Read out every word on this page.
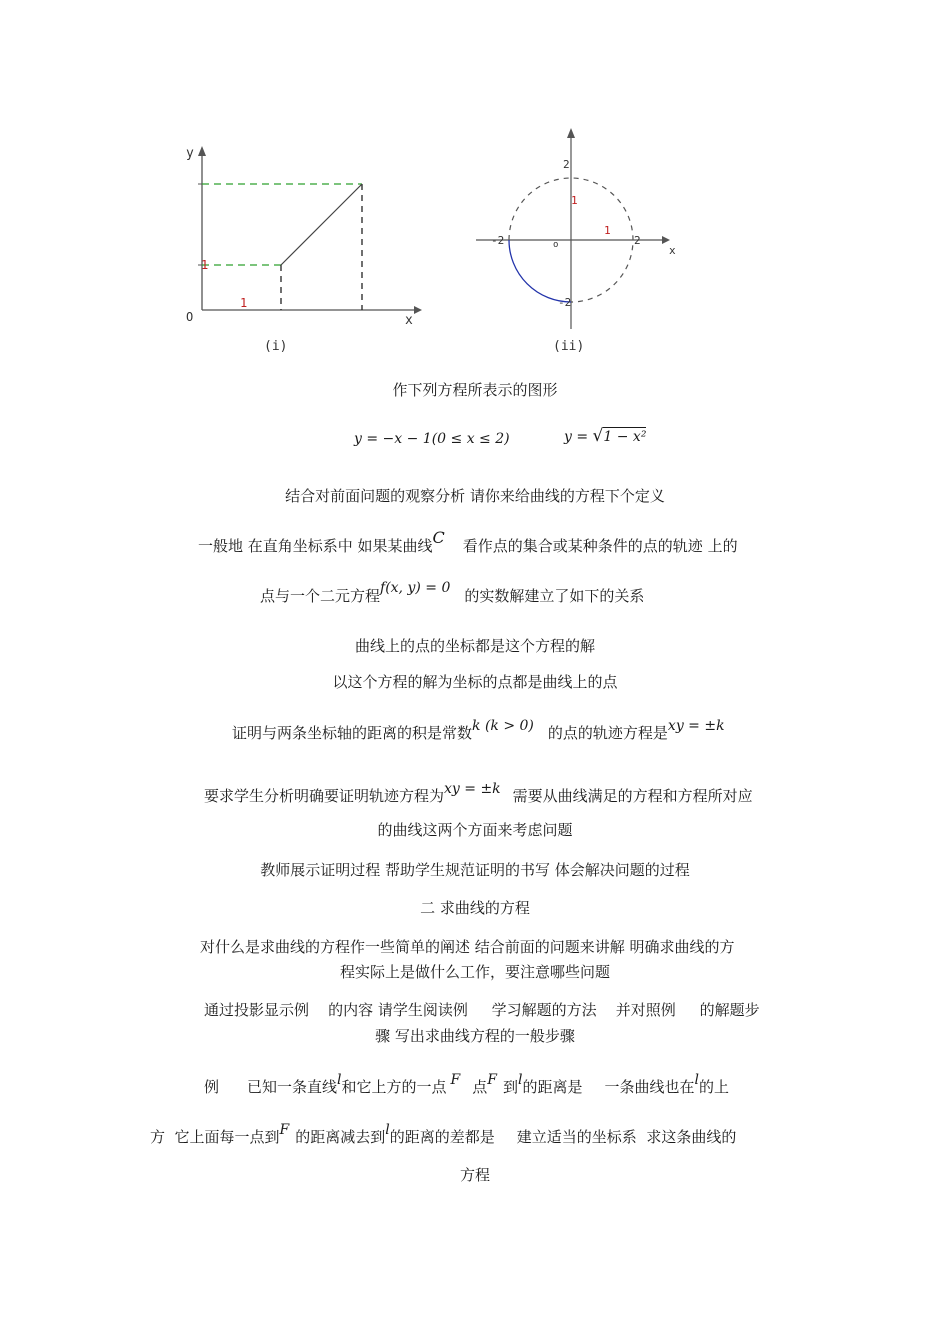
y
x
O
1
1
(i)
2
1
-2	o
1
2
x
-2
(ii)
作下列方程所表示的图形
y = −x − 1(0 ≤ x ≤ 2)	y = √1 − x²
结合对前面问题的观察分析 请你来给曲线的方程下个定义
一般地 在直角坐标系中 如果某曲线C 看作点的集合或某种条件的点的轨迹 上的
点与一个二元方程f(x, y) = 0 的实数解建立了如下的关系
曲线上的点的坐标都是这个方程的解
以这个方程的解为坐标的点都是曲线上的点
证明与两条坐标轴的距离的积是常数k (k > 0) 的点的轨迹方程是xy = ±k
要求学生分析明确要证明轨迹方程为xy = ±k 需要从曲线满足的方程和方程所对应
的曲线这两个方面来考虑问题
教师展示证明过程 帮助学生规范证明的书写 体会解决问题的过程
二 求曲线的方程
对什么是求曲线的方程作一些简单的阐述 结合前面的问题来讲解 明确求曲线的方
程实际上是做什么工作，要注意哪些问题
通过投影显示例    的内容 请学生阅读例     学习解题的方法    并对照例     的解题步
骤 写出求曲线方程的一般步骤
例 已知一条直线l和它上方的一点 F 点F 到l的距离是 一条曲线也在l的上
方  它上面每一点到F 的距离减去到l的距离的差都是 建立适当的坐标系  求这条曲线的
方程
